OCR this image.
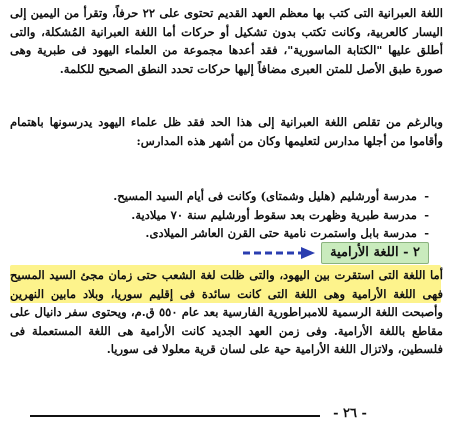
اللغة العبرانية التى كتب بها معظم العهد القديم تحتوى على ٢٢ حرفاً، وتقرأ من اليمين إلى اليسار كالعربية، وكانت تكتب بدون تشكيل أو حركات أما اللغة العبرانية المُشكلة، والتى أطلق عليها "الكتابة الماسورية"، فقد أعدها مجموعة من العلماء اليهود فى طبرية وهى صورة طبق الأصل للمتن العبرى مضافاً إليها حركات تحدد النطق الصحيح للكلمة.

وبالرغم من تقلص اللغة العبرانية إلى هذا الحد فقد ظل علماء اليهود يدرسونها باهتمام وأقاموا من أجلها مدارس لتعليمها وكان من أشهر هذه المدارس:

-مدرسة أورشليم (هليل وشمتاى) وكانت فى أيام السيد المسيح.
-مدرسة طبرية وظهرت بعد سقوط أورشليم سنة ٧٠ ميلادية.
-مدرسة بابل واستمرت نامية حتى القرن العاشر الميلادى.
٢ - اللغة الأرامية

أما اللغة التى استقرت بين اليهود، والتى ظلت لغة الشعب حتى زمان مجئ السيد المسيح فهى اللغة الأرامية وهى اللغة التى كانت سائدة فى إقليم سوريا، وبلاد مابين النهرين وأصبحت اللغة الرسمية للامبراطورية الفارسية بعد عام ٥٥٠ ق.م، ويحتوى سفر دانيال على مقاطع باللغة الأرامية. وفى زمن العهد الجديد كانت الأرامية هى اللغة المستعملة فى فلسطين، ولاتزال اللغة الأرامية حية على لسان قرية معلولا فى سوريا.

- ٢٦ -
